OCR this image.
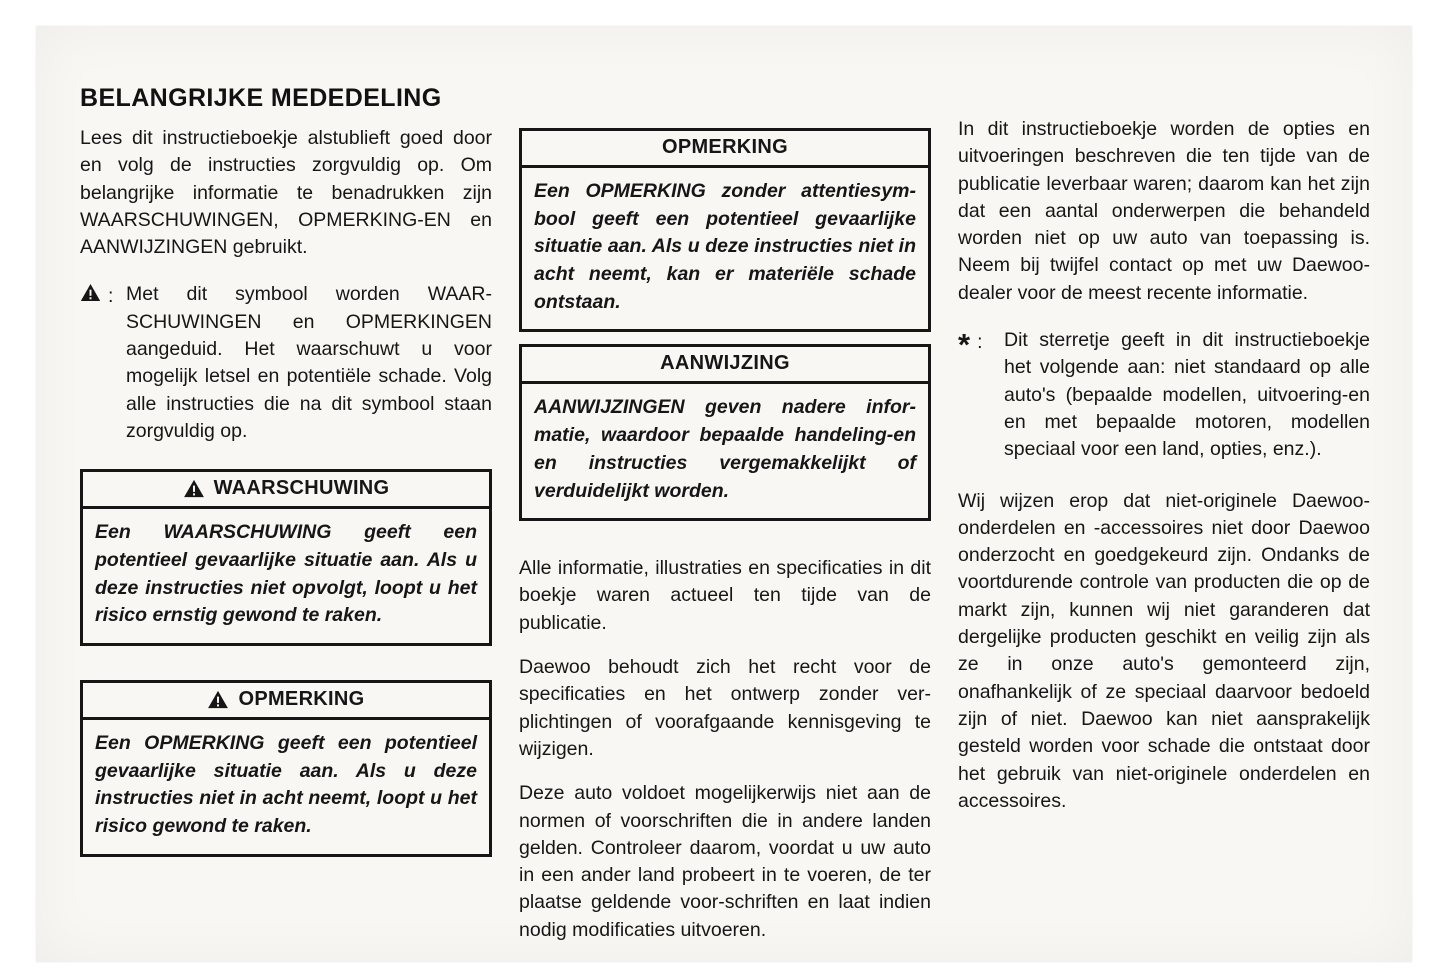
BELANGRIJKE MEDEDELING

Lees dit instructieboekje alstublieft goed door en volg de instructies zorgvuldig op. Om belangrijke informatie te benadrukken zijn WAARSCHUWINGEN, OPMERKING-EN en AANWIJZINGEN gebruikt.

: Met dit symbool worden WAAR-SCHUWINGEN en OPMERKINGEN aangeduid. Het waarschuwt u voor mogelijk letsel en potentiële schade. Volg alle instructies die na dit symbool staan zorgvuldig op.
WAARSCHUWING
Een WAARSCHUWING geeft een potentieel gevaarlijke situatie aan. Als u deze instructies niet opvolgt, loopt u het risico ernstig gewond te raken.
OPMERKING
Een OPMERKING geeft een potentieel gevaarlijke situatie aan. Als u deze instructies niet in acht neemt, loopt u het risico gewond te raken.
OPMERKING
Een OPMERKING zonder attentiesym-bool geeft een potentieel gevaarlijke situatie aan. Als u deze instructies niet in acht neemt, kan er materiële schade ontstaan.
AANWIJZING
AANWIJZINGEN geven nadere infor-matie, waardoor bepaalde handeling-en en instructies vergemakkelijkt of verduidelijkt worden.

Alle informatie, illustraties en specificaties in dit boekje waren actueel ten tijde van de publicatie.

Daewoo behoudt zich het recht voor de specificaties en het ontwerp zonder ver-plichtingen of voorafgaande kennisgeving te wijzigen.

Deze auto voldoet mogelijkerwijs niet aan de normen of voorschriften die in andere landen gelden. Controleer daarom, voordat u uw auto in een ander land probeert in te voeren, de ter plaatse geldende voor-schriften en laat indien nodig modificaties uitvoeren.

In dit instructieboekje worden de opties en uitvoeringen beschreven die ten tijde van de publicatie leverbaar waren; daarom kan het zijn dat een aantal onderwerpen die behandeld worden niet op uw auto van toepassing is. Neem bij twijfel contact op met uw Daewoo-dealer voor de meest recente informatie.

* : Dit sterretje geeft in dit instructieboekje het volgende aan: niet standaard op alle auto's (bepaalde modellen, uitvoering-en en met bepaalde motoren, modellen speciaal voor een land, opties, enz.).

Wij wijzen erop dat niet-originele Daewoo-onderdelen en -accessoires niet door Daewoo onderzocht en goedgekeurd zijn. Ondanks de voortdurende controle van producten die op de markt zijn, kunnen wij niet garanderen dat dergelijke producten geschikt en veilig zijn als ze in onze auto's gemonteerd zijn, onafhankelijk of ze speciaal daarvoor bedoeld zijn of niet. Daewoo kan niet aansprakelijk gesteld worden voor schade die ontstaat door het gebruik van niet-originele onderdelen en accessoires.
